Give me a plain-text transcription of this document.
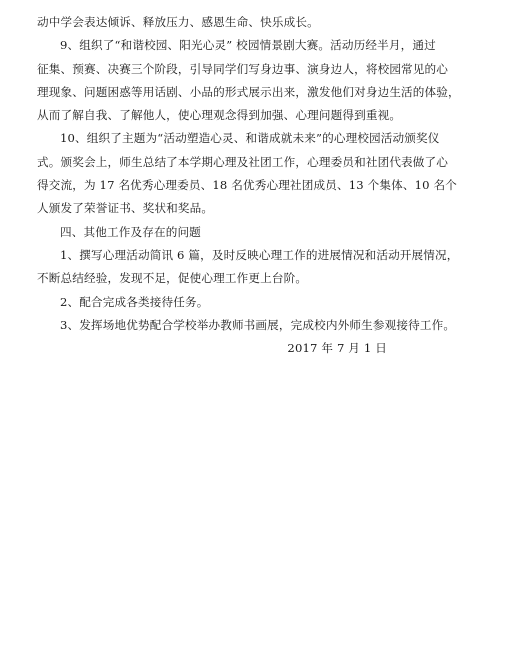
动中学会表达倾诉、释放压力、感恩生命、快乐成长。
9、组织了“和谐校园、阳光心灵” 校园情景剧大赛。活动历经半月，通过
征集、预赛、决赛三个阶段，引导同学们写身边事、演身边人，将校园常见的心
理现象、问题困惑等用话剧、小品的形式展示出来，激发他们对身边生活的体验，
从而了解自我、了解他人，使心理观念得到加强、心理问题得到重视。
10、组织了主题为“活动塑造心灵、和谐成就未来”的心理校园活动颁奖仪
式。颁奖会上，师生总结了本学期心理及社团工作，心理委员和社团代表做了心
得交流，为 17 名优秀心理委员、18 名优秀心理社团成员、13 个集体、10 名个
人颁发了荣誉证书、奖状和奖品。
四、其他工作及存在的问题
1、撰写心理活动简讯 6 篇，及时反映心理工作的进展情况和活动开展情况，
不断总结经验，发现不足，促使心理工作更上台阶。
2、配合完成各类接待任务。
3、发挥场地优势配合学校举办教师书画展，完成校内外师生参观接待工作。
2017 年 7 月 1 日
